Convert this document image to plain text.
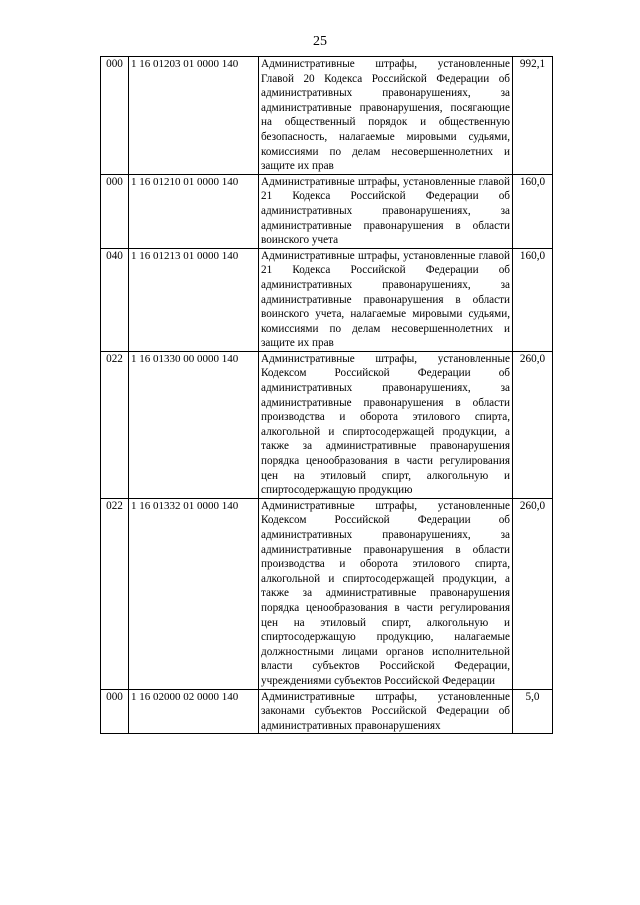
25
000	1 16 01203 01 0000 140	Административные штрафы, установленные Главой 20 Кодекса Российской Федерации об административных правонарушениях, за административные правонарушения, посягающие на общественный порядок и общественную безопасность, налагаемые мировыми судьями, комиссиями по делам несовершеннолетних и защите их прав	992,1
000	1 16 01210 01 0000 140	Административные штрафы, установленные главой 21 Кодекса Российской Федерации об административных правонарушениях, за административные правонарушения в области воинского учета	160,0
040	1 16 01213 01 0000 140	Административные штрафы, установленные главой 21 Кодекса Российской Федерации об административных правонарушениях, за административные правонарушения в области воинского учета, налагаемые мировыми судьями, комиссиями по делам несовершеннолетних и защите их прав	160,0
022	1 16 01330 00 0000 140	Административные штрафы, установленные Кодексом Российской Федерации об административных правонарушениях, за административные правонарушения в области производства и оборота этилового спирта, алкогольной и спиртосодержащей продукции, а также за административные правонарушения порядка ценообразования в части регулирования цен на этиловый спирт, алкогольную и спиртосодержащую продукцию	260,0
022	1 16 01332 01 0000 140	Административные штрафы, установленные Кодексом Российской Федерации об административных правонарушениях, за административные правонарушения в области производства и оборота этилового спирта, алкогольной и спиртосодержащей продукции, а также за административные правонарушения порядка ценообразования в части регулирования цен на этиловый спирт, алкогольную и спиртосодержащую продукцию, налагаемые должностными лицами органов исполнительной власти субъектов Российской Федерации, учреждениями субъектов Российской Федерации	260,0
000	1 16 02000 02 0000 140	Административные штрафы, установленные законами субъектов Российской Федерации об административных правонарушениях	5,0
